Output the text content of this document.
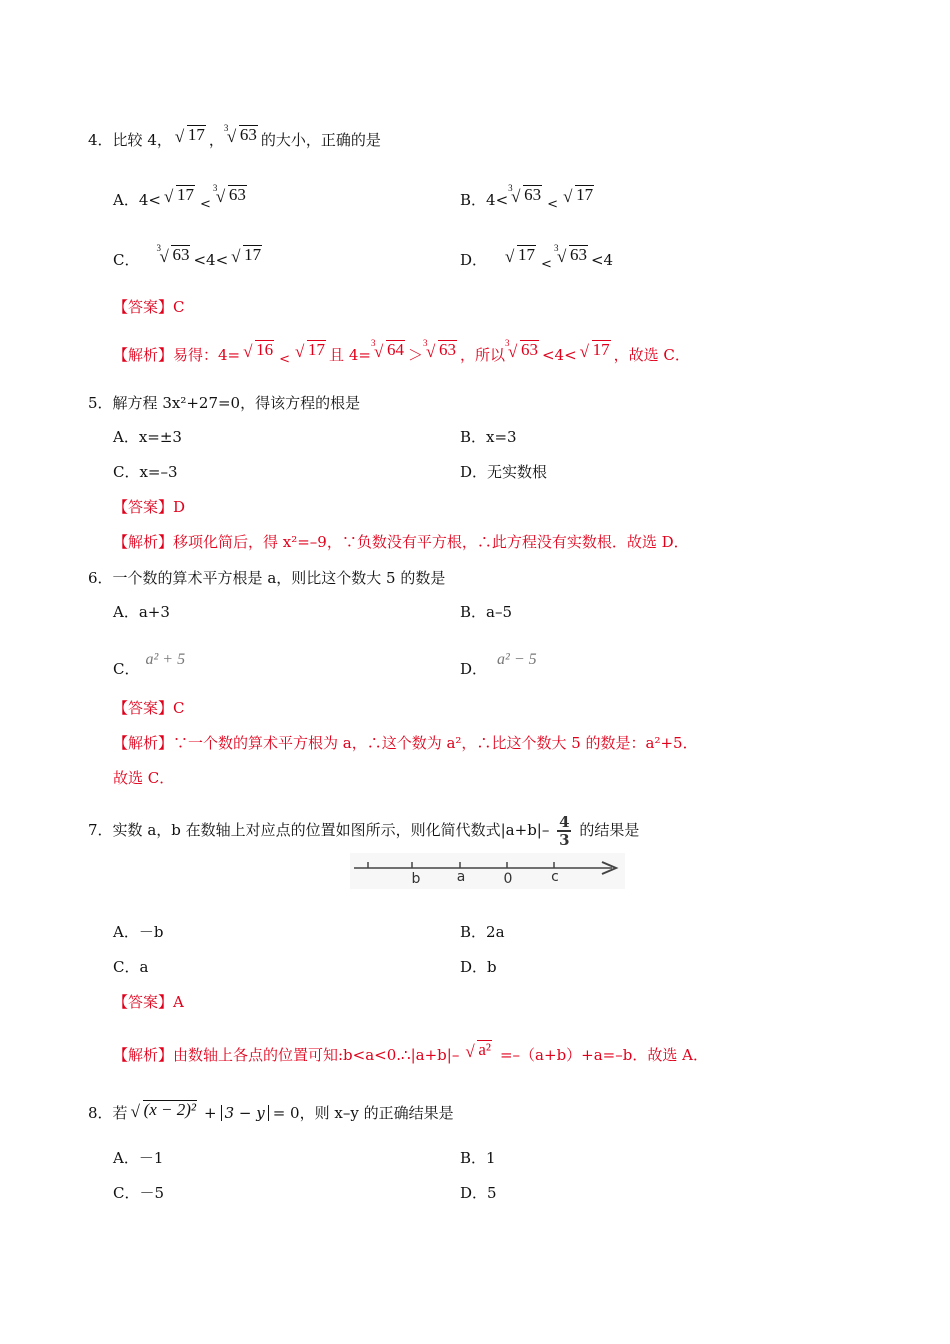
4．比较 4， √ 17 ，
3
√ 63 的大小，正确的是
A．4< √ 17<
3
√ 63	B．4<
3
√ 63< √ 17
C．
3
√ 63 <4< √ 17	D． √ 17<
3
√ 63 <4
【答案】C
【解析】易得：4= √ 16< √ 17 且 4=
3
√ 64 ＞
3
√ 63 ，所以
3
√ 63 <4< √ 17 ，故选 C．
5．解方程 3x²+27=0，得该方程的根是
A．x=±3	B．x=3
C．x=–3	D．无实数根
【答案】D
【解析】移项化简后，得 x²=–9，∵负数没有平方根，∴此方程没有实数根．故选 D．
6．一个数的算术平方根是 a，则比这个数大 5 的数是
A．a+3	B．a–5
C．a² + 5
D．a² − 5
【答案】C
【解析】∵一个数的算术平方根为 a，∴这个数为 a²，∴比这个数大 5 的数是：a²+5．
故选 C．
7．实数 a，b 在数轴上对应点的位置如图所示，则化简代数式$|a+b|- \frac{4}{3}$ 的结果是
b	a	0	c
A．－b	B．2a
C．a	D．b
【答案】A
【解析】由数轴上各点的位置可知:b<a<0.∴|a+b|– √ a² =–（a+b）+a=–b．故选 A．
8．若 √ (x − 2)² + 3 − y = 0，则 x–y 的正确结果是
A．－1	B．1
C．－5	D．5
